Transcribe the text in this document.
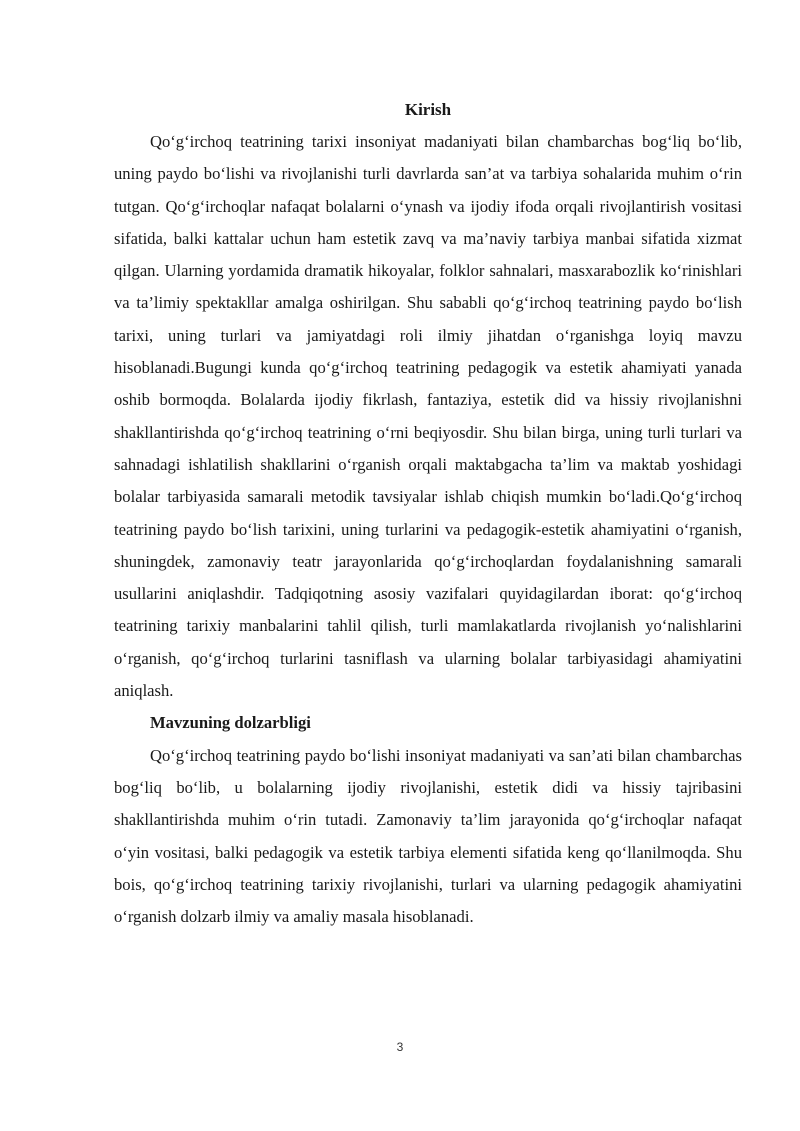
Kirish

Qo‘g‘irchoq teatrining tarixi insoniyat madaniyati bilan chambarchas bog‘liq bo‘lib, uning paydo bo‘lishi va rivojlanishi turli davrlarda san’at va tarbiya sohalarida muhim o‘rin tutgan. Qo‘g‘irchoqlar nafaqat bolalarni o‘ynash va ijodiy ifoda orqali rivojlantirish vositasi sifatida, balki kattalar uchun ham estetik zavq va ma’naviy tarbiya manbai sifatida xizmat qilgan. Ularning yordamida dramatik hikoyalar, folklor sahnalari, masxarabozlik ko‘rinishlari va ta’limiy spektakllar amalga oshirilgan. Shu sababli qo‘g‘irchoq teatrining paydo bo‘lish tarixi, uning turlari va jamiyatdagi roli ilmiy jihatdan o‘rganishga loyiq mavzu hisoblanadi.Bugungi kunda qo‘g‘irchoq teatrining pedagogik va estetik ahamiyati yanada oshib bormoqda. Bolalarda ijodiy fikrlash, fantaziya, estetik did va hissiy rivojlanishni shakllantirishda qo‘g‘irchoq teatrining o‘rni beqiyosdir. Shu bilan birga, uning turli turlari va sahnadagi ishlatilish shakllarini o‘rganish orqali maktabgacha ta’lim va maktab yoshidagi bolalar tarbiyasida samarali metodik tavsiyalar ishlab chiqish mumkin bo‘ladi.Qo‘g‘irchoq teatrining paydo bo‘lish tarixini, uning turlarini va pedagogik-estetik ahamiyatini o‘rganish, shuningdek, zamonaviy teatr jarayonlarida qo‘g‘irchoqlardan foydalanishning samarali usullarini aniqlashdir. Tadqiqotning asosiy vazifalari quyidagilardan iborat: qo‘g‘irchoq teatrining tarixiy manbalarini tahlil qilish, turli mamlakatlarda rivojlanish yo‘nalishlarini o‘rganish, qo‘g‘irchoq turlarini tasniflash va ularning bolalar tarbiyasidagi ahamiyatini aniqlash.

Mavzuning dolzarbligi

Qo‘g‘irchoq teatrining paydo bo‘lishi insoniyat madaniyati va san’ati bilan chambarchas bog‘liq bo‘lib, u bolalarning ijodiy rivojlanishi, estetik didi va hissiy tajribasini shakllantirishda muhim o‘rin tutadi. Zamonaviy ta’lim jarayonida qo‘g‘irchoqlar nafaqat o‘yin vositasi, balki pedagogik va estetik tarbiya elementi sifatida keng qo‘llanilmoqda. Shu bois, qo‘g‘irchoq teatrining tarixiy rivojlanishi, turlari va ularning pedagogik ahamiyatini o‘rganish dolzarb ilmiy va amaliy masala hisoblanadi.

3
